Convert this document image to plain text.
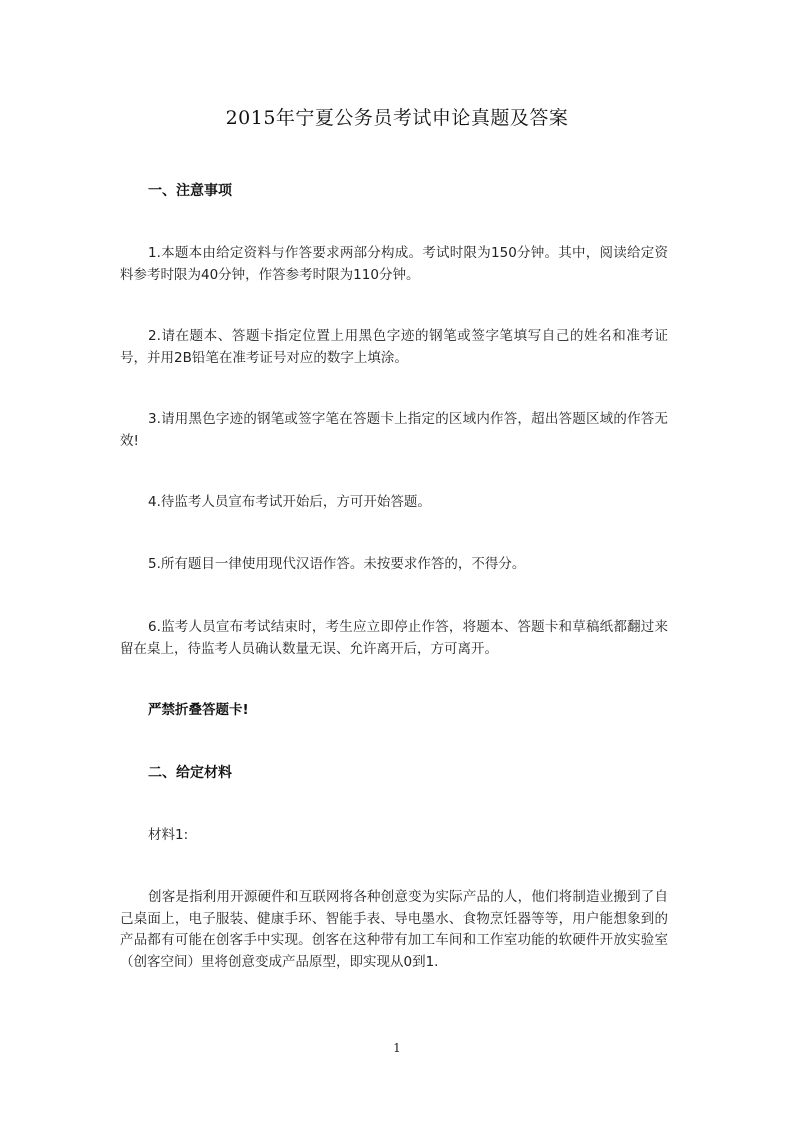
2015年宁夏公务员考试申论真题及答案
一、注意事项
1.本题本由给定资料与作答要求两部分构成。考试时限为150分钟。其中，阅读给定资料参考时限为40分钟，作答参考时限为110分钟。
2.请在题本、答题卡指定位置上用黑色字迹的钢笔或签字笔填写自己的姓名和准考证号，并用2B铅笔在准考证号对应的数字上填涂。
3.请用黑色字迹的钢笔或签字笔在答题卡上指定的区域内作答，超出答题区域的作答无效!
4.待监考人员宣布考试开始后，方可开始答题。
5.所有题目一律使用现代汉语作答。未按要求作答的，不得分。
6.监考人员宣布考试结束时，考生应立即停止作答，将题本、答题卡和草稿纸都翻过来留在桌上，待监考人员确认数量无误、允许离开后，方可离开。
严禁折叠答题卡!
二、给定材料
材料1:
创客是指利用开源硬件和互联网将各种创意变为实际产品的人，他们将制造业搬到了自己桌面上，电子服装、健康手环、智能手表、导电墨水、食物烹饪器等等，用户能想象到的产品都有可能在创客手中实现。创客在这种带有加工车间和工作室功能的软硬件开放实验室（创客空间）里将创意变成产品原型，即实现从0到1.
1
